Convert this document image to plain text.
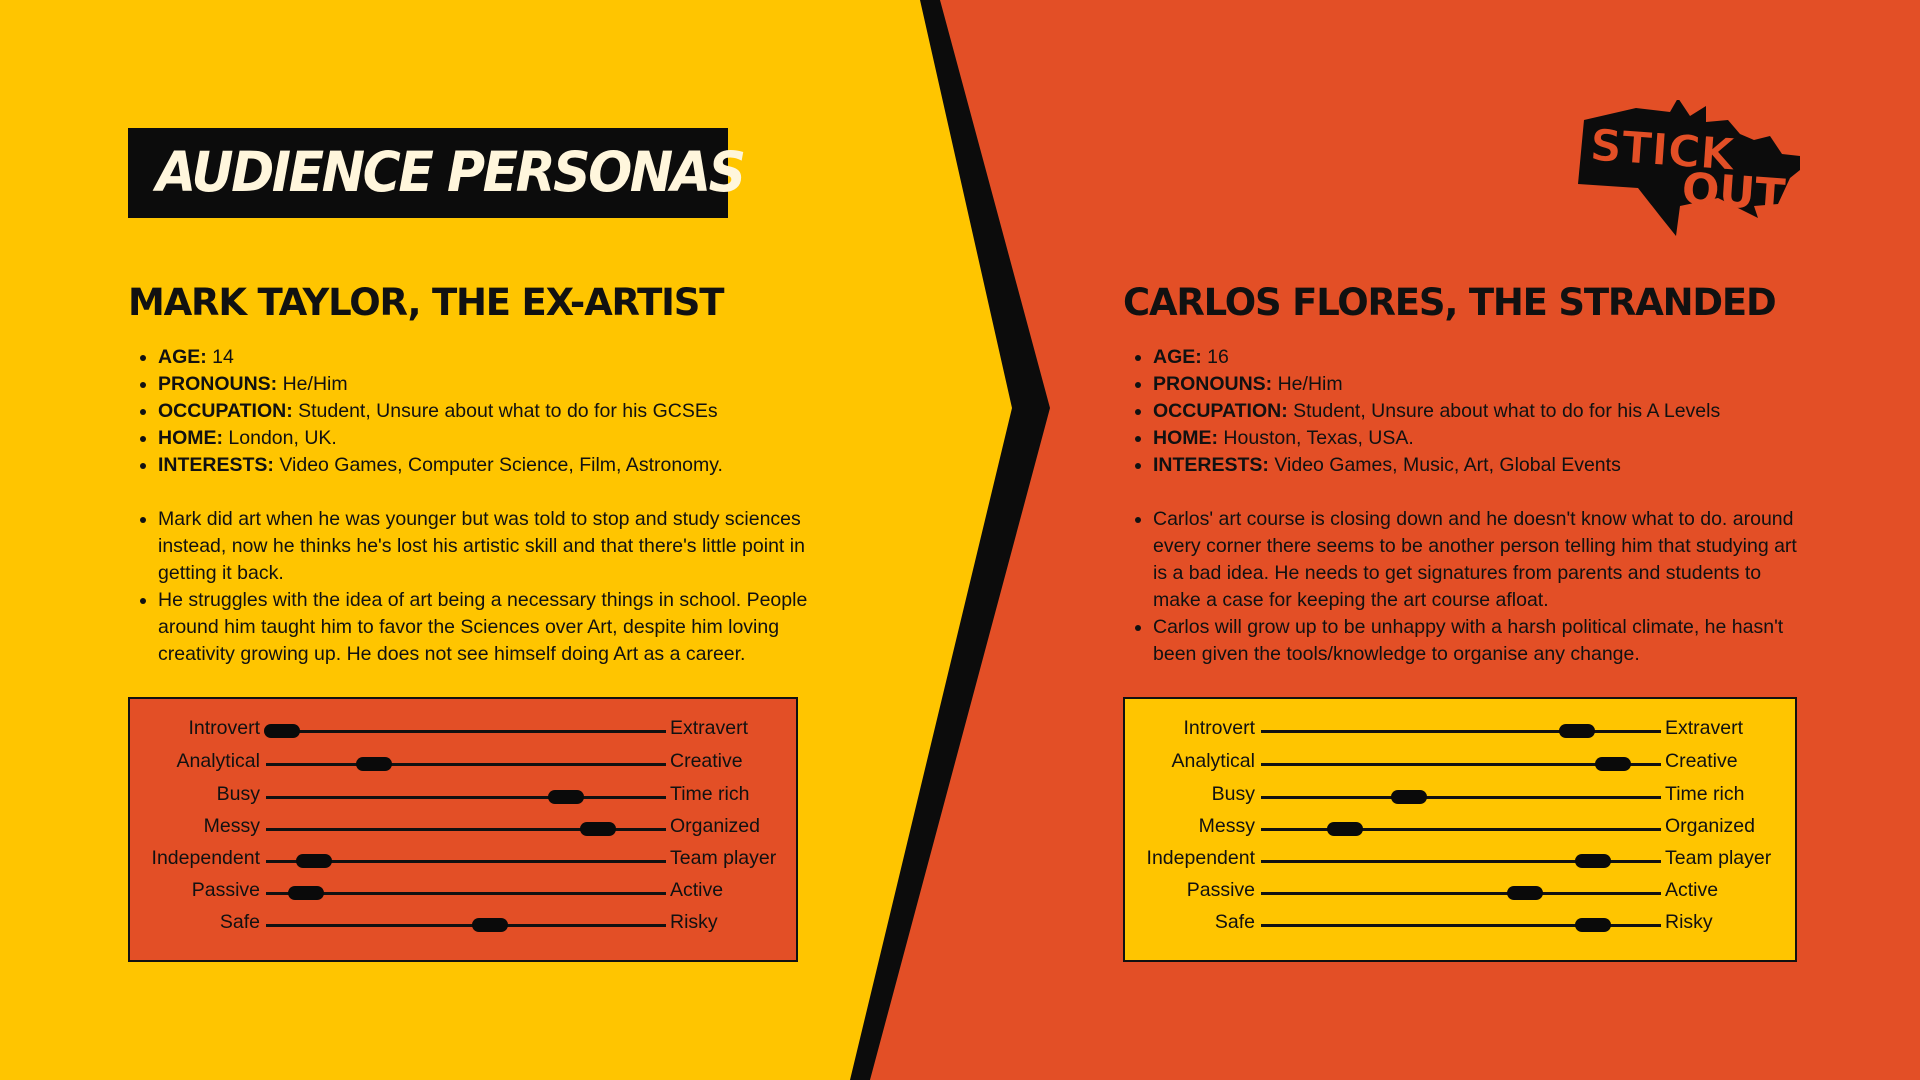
AUDIENCE PERSONAS	STICK
OUT
MARK TAYLOR, THE EX-ARTIST
• AGE: 14
• PRONOUNS: He/Him
• OCCUPATION: Student, Unsure about what to do for his GCSEs
• HOME: London, UK.
• INTERESTS: Video Games, Computer Science, Film, Astronomy.
• Mark did art when he was younger but was told to stop and study sciences instead, now he thinks he's lost his artistic skill and that there's little point in getting it back.
• He struggles with the idea of art being a necessary things in school. People around him taught him to favor the Sciences over Art, despite him loving creativity growing up. He does not see himself doing Art as a career.
CARLOS FLORES, THE STRANDED
• AGE: 16
• PRONOUNS: He/Him
• OCCUPATION: Student, Unsure about what to do for his A Levels
• HOME: Houston, Texas, USA.
• INTERESTS: Video Games, Music, Art, Global Events
• Carlos' art course is closing down and he doesn't know what to do. around every corner there seems to be another person telling him that studying art is a bad idea. He needs to get signatures from parents and students to make a case for keeping the art course afloat.
• Carlos will grow up to be unhappy with a harsh political climate, he hasn't been given the tools/knowledge to organise any change.
Introvert	Extravert
Analytical	Creative
Busy	Time rich
Messy	Organized
Independent	Team player
Passive	Active
Safe	Risky
Introvert	Extravert
Analytical	Creative
Busy	Time rich
Messy	Organized
Independent	Team player
Passive	Active
Safe	Risky
